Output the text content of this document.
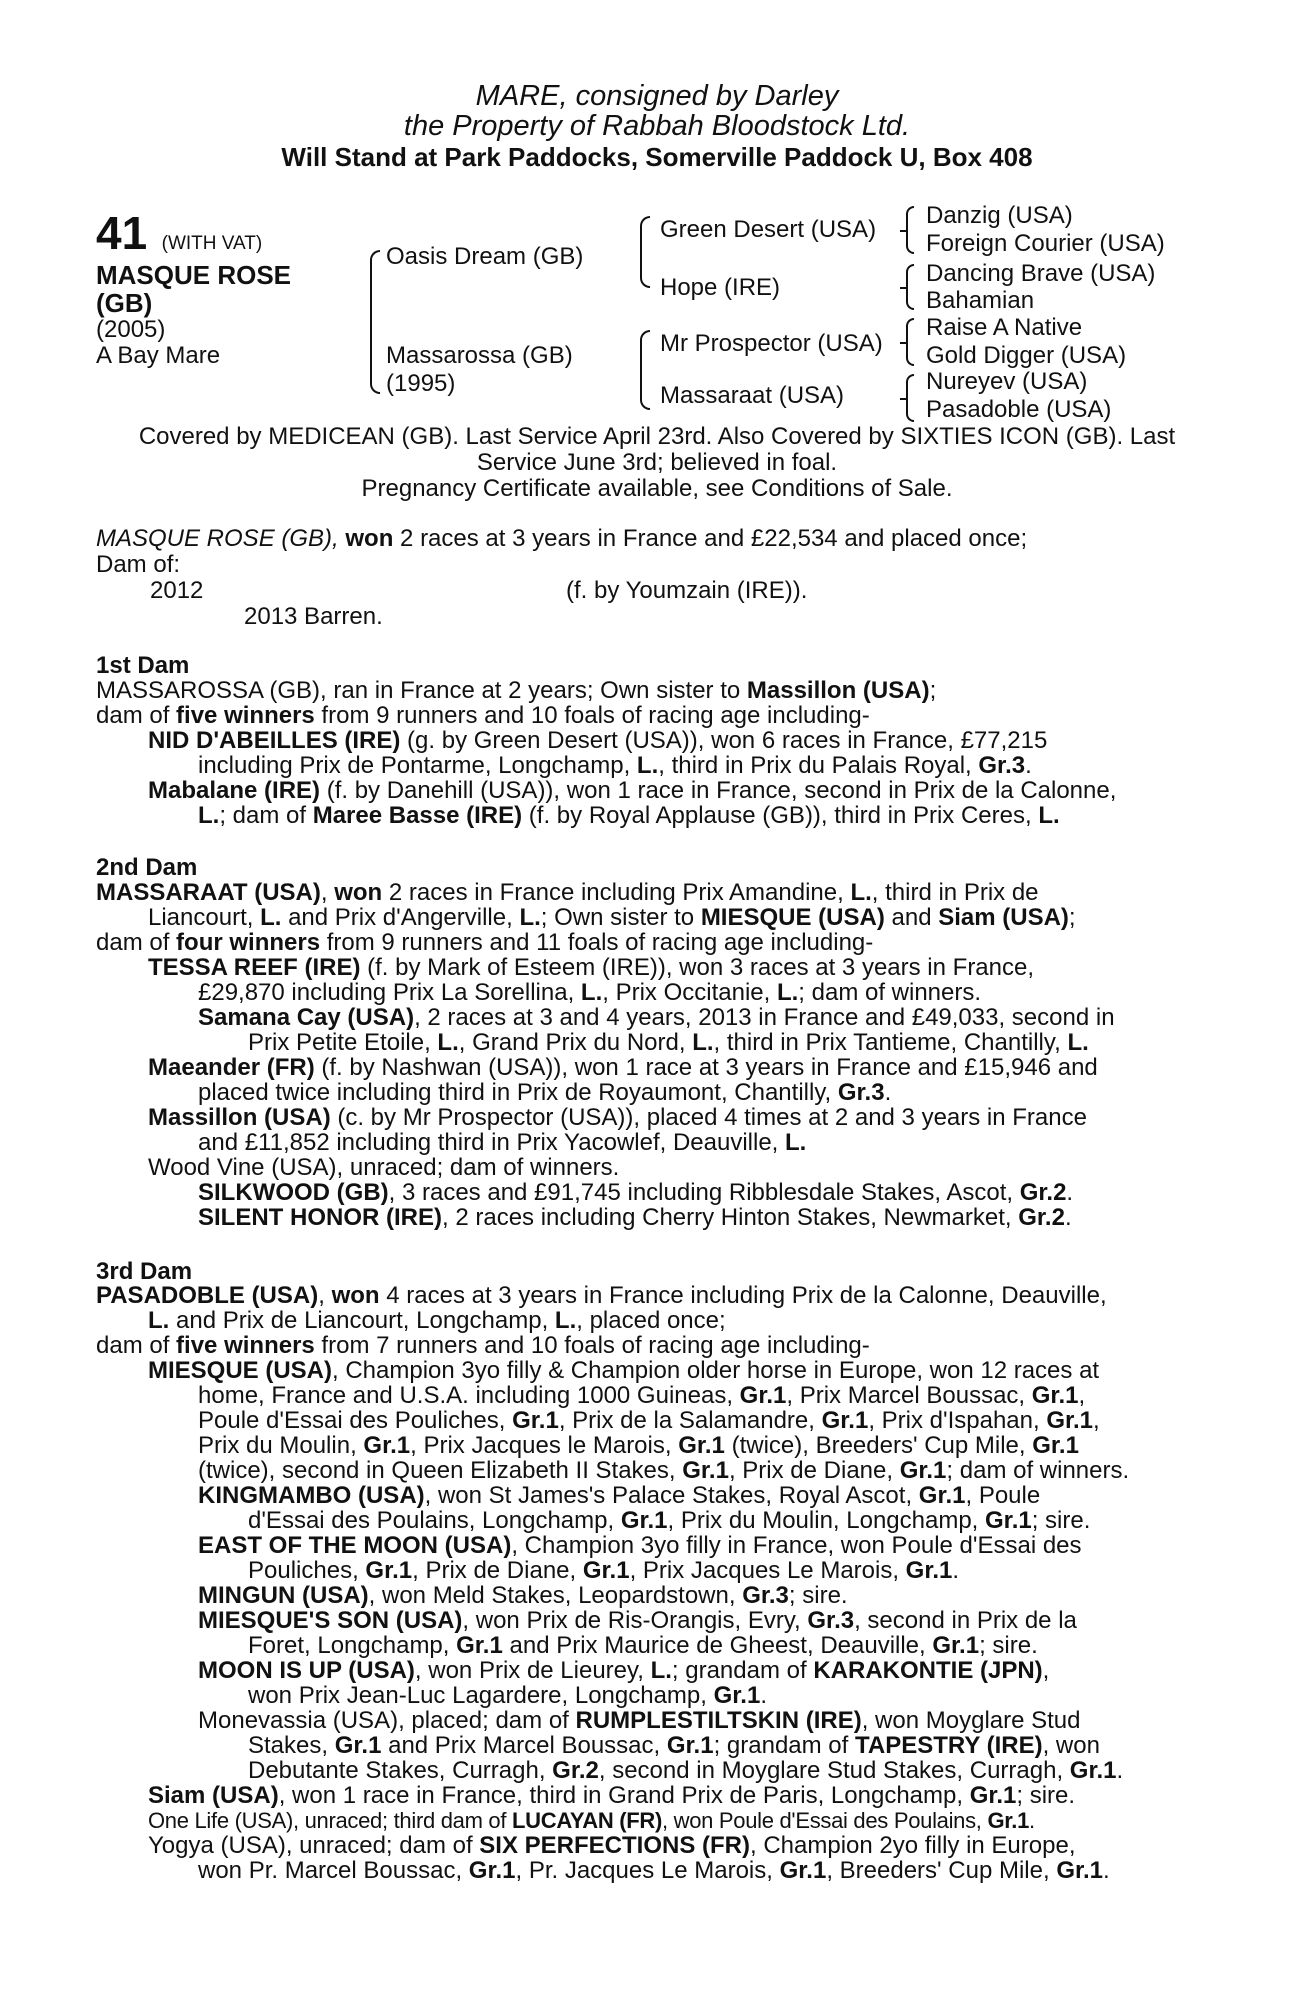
MARE, consigned by Darley
the Property of Rabbah Bloodstock Ltd.
Will Stand at Park Paddocks, Somerville Paddock U, Box 408
41 (WITH VAT)
MASQUE ROSE
(GB)
(2005)
A Bay Mare
Oasis Dream (GB)
Massarossa (GB)
(1995)
Green Desert (USA)
Hope (IRE)
Mr Prospector (USA)
Massaraat (USA)
Danzig (USA)
Foreign Courier (USA)
Dancing Brave (USA)
Bahamian
Raise A Native
Gold Digger (USA)
Nureyev (USA)
Pasadoble (USA)
Covered by MEDICEAN (GB). Last Service April 23rd. Also Covered by SIXTIES ICON (GB). Last
Service June 3rd; believed in foal.
Pregnancy Certificate available, see Conditions of Sale.
MASQUE ROSE (GB), won 2 races at 3 years in France and £22,534 and placed once;
Dam of:
2012	(f. by Youmzain (IRE)).
2013 Barren.
1st Dam
MASSAROSSA (GB), ran in France at 2 years; Own sister to Massillon (USA);
dam of five winners from 9 runners and 10 foals of racing age including-
NID D'ABEILLES (IRE) (g. by Green Desert (USA)), won 6 races in France, £77,215
including Prix de Pontarme, Longchamp, L., third in Prix du Palais Royal, Gr.3.
Mabalane (IRE) (f. by Danehill (USA)), won 1 race in France, second in Prix de la Calonne,
L.; dam of Maree Basse (IRE) (f. by Royal Applause (GB)), third in Prix Ceres, L.
2nd Dam
MASSARAAT (USA), won 2 races in France including Prix Amandine, L., third in Prix de
Liancourt, L. and Prix d'Angerville, L.; Own sister to MIESQUE (USA) and Siam (USA);
dam of four winners from 9 runners and 11 foals of racing age including-
TESSA REEF (IRE) (f. by Mark of Esteem (IRE)), won 3 races at 3 years in France,
£29,870 including Prix La Sorellina, L., Prix Occitanie, L.; dam of winners.
Samana Cay (USA), 2 races at 3 and 4 years, 2013 in France and £49,033, second in
Prix Petite Etoile, L., Grand Prix du Nord, L., third in Prix Tantieme, Chantilly, L.
Maeander (FR) (f. by Nashwan (USA)), won 1 race at 3 years in France and £15,946 and
placed twice including third in Prix de Royaumont, Chantilly, Gr.3.
Massillon (USA) (c. by Mr Prospector (USA)), placed 4 times at 2 and 3 years in France
and £11,852 including third in Prix Yacowlef, Deauville, L.
Wood Vine (USA), unraced; dam of winners.
SILKWOOD (GB), 3 races and £91,745 including Ribblesdale Stakes, Ascot, Gr.2.
SILENT HONOR (IRE), 2 races including Cherry Hinton Stakes, Newmarket, Gr.2.
3rd Dam
PASADOBLE (USA), won 4 races at 3 years in France including Prix de la Calonne, Deauville,
L. and Prix de Liancourt, Longchamp, L., placed once;
dam of five winners from 7 runners and 10 foals of racing age including-
MIESQUE (USA), Champion 3yo filly & Champion older horse in Europe, won 12 races at
home, France and U.S.A. including 1000 Guineas, Gr.1, Prix Marcel Boussac, Gr.1,
Poule d'Essai des Pouliches, Gr.1, Prix de la Salamandre, Gr.1, Prix d'Ispahan, Gr.1,
Prix du Moulin, Gr.1, Prix Jacques le Marois, Gr.1 (twice), Breeders' Cup Mile, Gr.1
(twice), second in Queen Elizabeth II Stakes, Gr.1, Prix de Diane, Gr.1; dam of winners.
KINGMAMBO (USA), won St James's Palace Stakes, Royal Ascot, Gr.1, Poule
d'Essai des Poulains, Longchamp, Gr.1, Prix du Moulin, Longchamp, Gr.1; sire.
EAST OF THE MOON (USA), Champion 3yo filly in France, won Poule d'Essai des
Pouliches, Gr.1, Prix de Diane, Gr.1, Prix Jacques Le Marois, Gr.1.
MINGUN (USA), won Meld Stakes, Leopardstown, Gr.3; sire.
MIESQUE'S SON (USA), won Prix de Ris-Orangis, Evry, Gr.3, second in Prix de la
Foret, Longchamp, Gr.1 and Prix Maurice de Gheest, Deauville, Gr.1; sire.
MOON IS UP (USA), won Prix de Lieurey, L.; grandam of KARAKONTIE (JPN),
won Prix Jean-Luc Lagardere, Longchamp, Gr.1.
Monevassia (USA), placed; dam of RUMPLESTILTSKIN (IRE), won Moyglare Stud
Stakes, Gr.1 and Prix Marcel Boussac, Gr.1; grandam of TAPESTRY (IRE), won
Debutante Stakes, Curragh, Gr.2, second in Moyglare Stud Stakes, Curragh, Gr.1.
Siam (USA), won 1 race in France, third in Grand Prix de Paris, Longchamp, Gr.1; sire.
One Life (USA), unraced; third dam of LUCAYAN (FR), won Poule d'Essai des Poulains, Gr.1.
Yogya (USA), unraced; dam of SIX PERFECTIONS (FR), Champion 2yo filly in Europe,
won Pr. Marcel Boussac, Gr.1, Pr. Jacques Le Marois, Gr.1, Breeders' Cup Mile, Gr.1.
